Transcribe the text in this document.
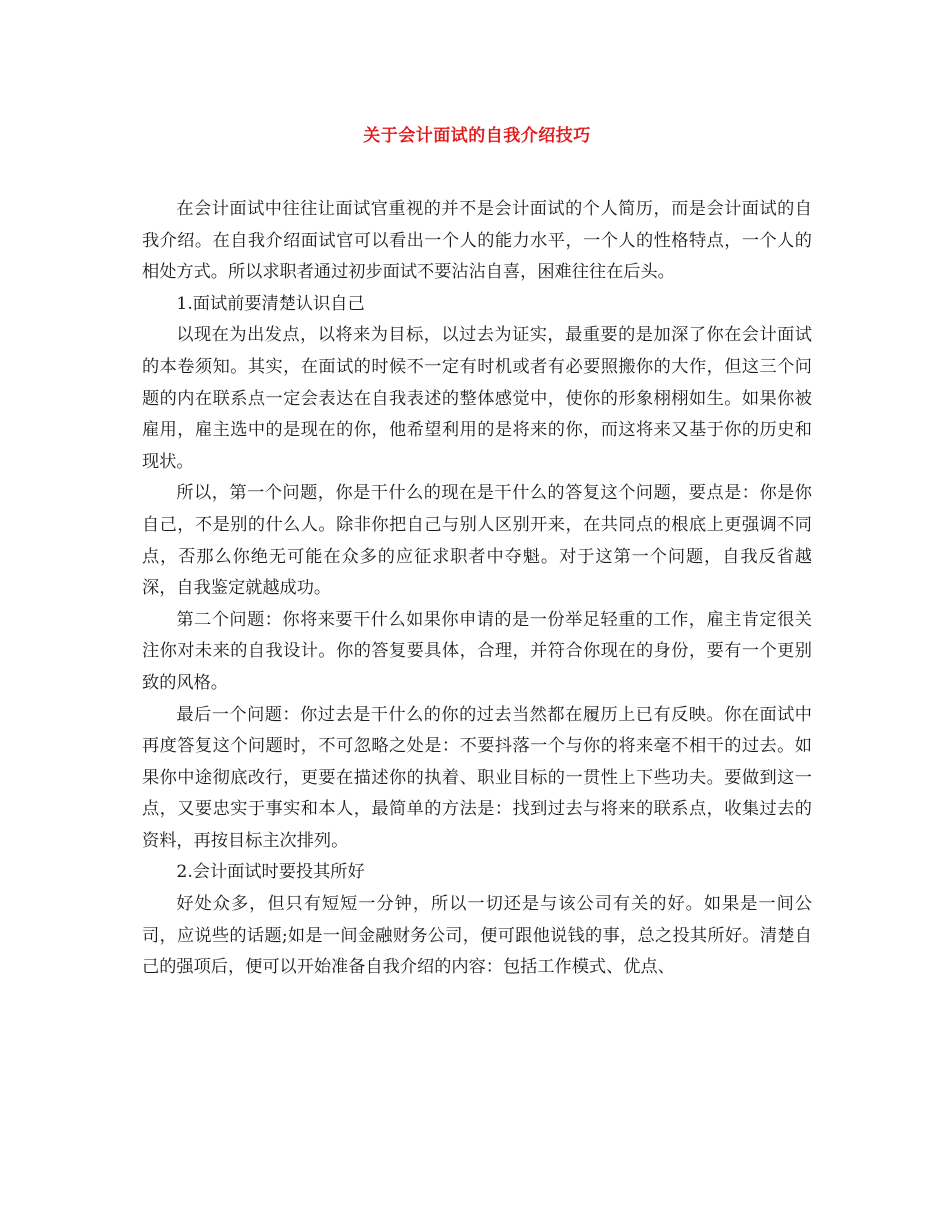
关于会计面试的自我介绍技巧

在会计面试中往往让面试官重视的并不是会计面试的个人简历，而是会计面试的自我介绍。在自我介绍面试官可以看出一个人的能力水平，一个人的性格特点，一个人的相处方式。所以求职者通过初步面试不要沾沾自喜，困难往往在后头。

1.面试前要清楚认识自己

以现在为出发点，以将来为目标，以过去为证实，最重要的是加深了你在会计面试的本卷须知。其实，在面试的时候不一定有时机或者有必要照搬你的大作，但这三个问题的内在联系点一定会表达在自我表述的整体感觉中，使你的形象栩栩如生。如果你被雇用，雇主选中的是现在的你，他希望利用的是将来的你，而这将来又基于你的历史和现状。

所以，第一个问题，你是干什么的现在是干什么的答复这个问题，要点是：你是你自己，不是别的什么人。除非你把自己与别人区别开来，在共同点的根底上更强调不同点，否那么你绝无可能在众多的应征求职者中夺魁。对于这第一个问题，自我反省越深，自我鉴定就越成功。

第二个问题：你将来要干什么如果你申请的是一份举足轻重的工作，雇主肯定很关注你对未来的自我设计。你的答复要具体，合理，并符合你现在的身份，要有一个更别致的风格。

最后一个问题：你过去是干什么的你的过去当然都在履历上已有反映。你在面试中再度答复这个问题时，不可忽略之处是：不要抖落一个与你的将来毫不相干的过去。如果你中途彻底改行，更要在描述你的执着、职业目标的一贯性上下些功夫。要做到这一点，又要忠实于事实和本人，最简单的方法是：找到过去与将来的联系点，收集过去的资料，再按目标主次排列。

2.会计面试时要投其所好

好处众多，但只有短短一分钟，所以一切还是与该公司有关的好。如果是一间公司，应说些的话题;如是一间金融财务公司，便可跟他说钱的事，总之投其所好。清楚自己的强项后，便可以开始准备自我介绍的内容：包括工作模式、优点、
